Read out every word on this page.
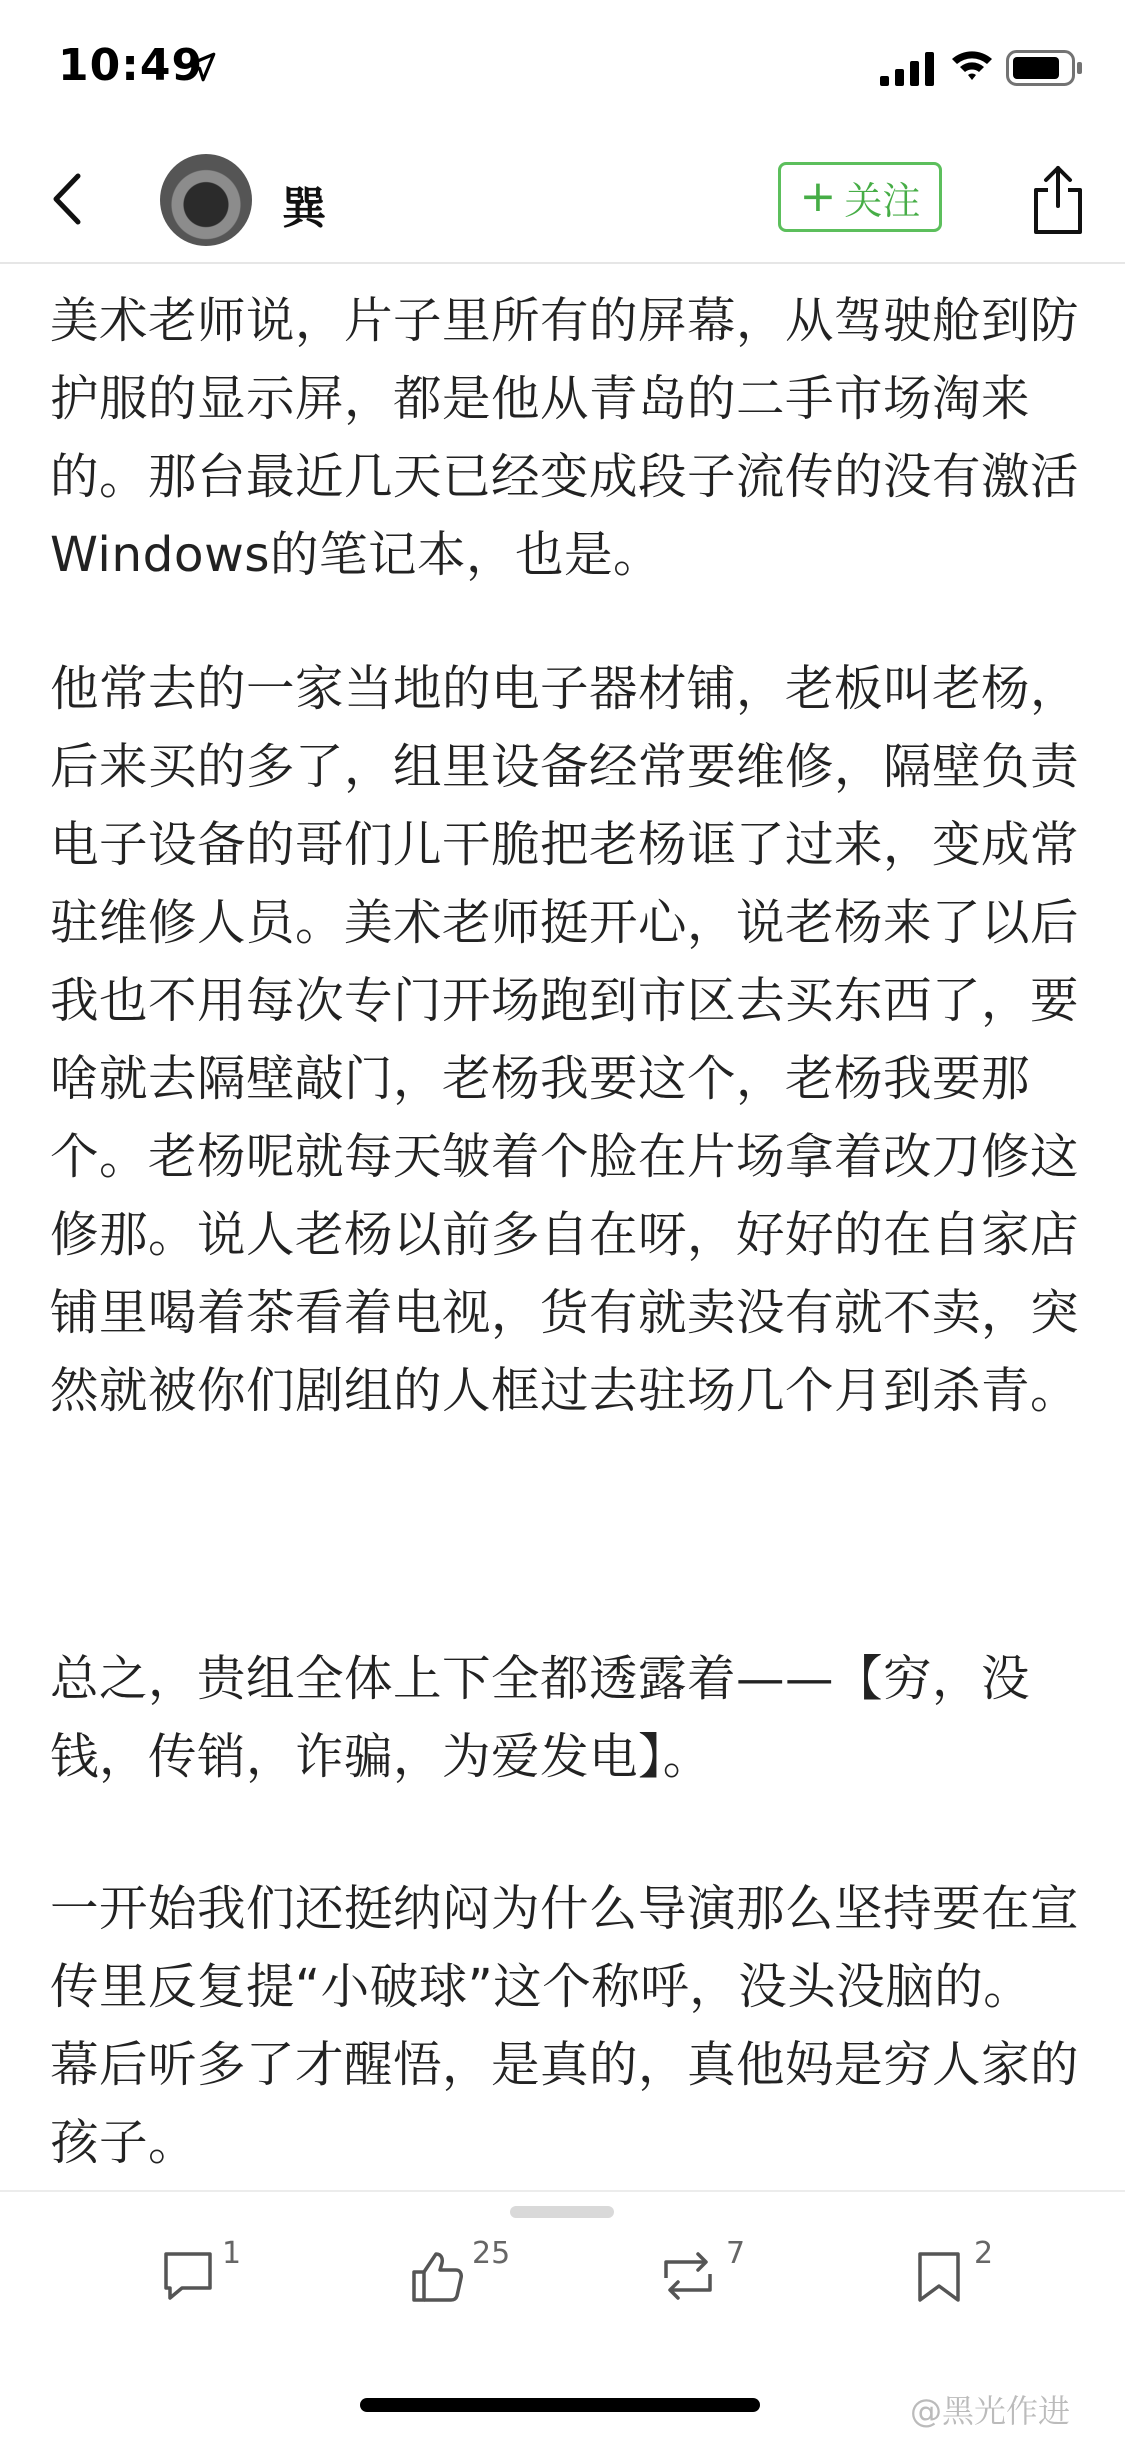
10:49
巽	+ 关注

美术老师说，片子里所有的屏幕，从驾驶舱到防护服的显示屏，都是他从青岛的二手市场淘来的。那台最近几天已经变成段子流传的没有激活Windows的笔记本，也是。

他常去的一家当地的电子器材铺，老板叫老杨，后来买的多了，组里设备经常要维修，隔壁负责电子设备的哥们儿干脆把老杨诓了过来，变成常驻维修人员。美术老师挺开心，说老杨来了以后我也不用每次专门开场跑到市区去买东西了，要啥就去隔壁敲门，老杨我要这个，老杨我要那个。老杨呢就每天皱着个脸在片场拿着改刀修这修那。说人老杨以前多自在呀，好好的在自家店铺里喝着茶看着电视，货有就卖没有就不卖，突然就被你们剧组的人框过去驻场几个月到杀青。

总之，贵组全体上下全都透露着——【穷，没钱，传销，诈骗，为爱发电】。

一开始我们还挺纳闷为什么导演那么坚持要在宣传里反复提“小破球”这个称呼，没头没脑的。幕后听多了才醒悟，是真的，真他妈是穷人家的孩子。

1	25	7	2
@黑光作进
